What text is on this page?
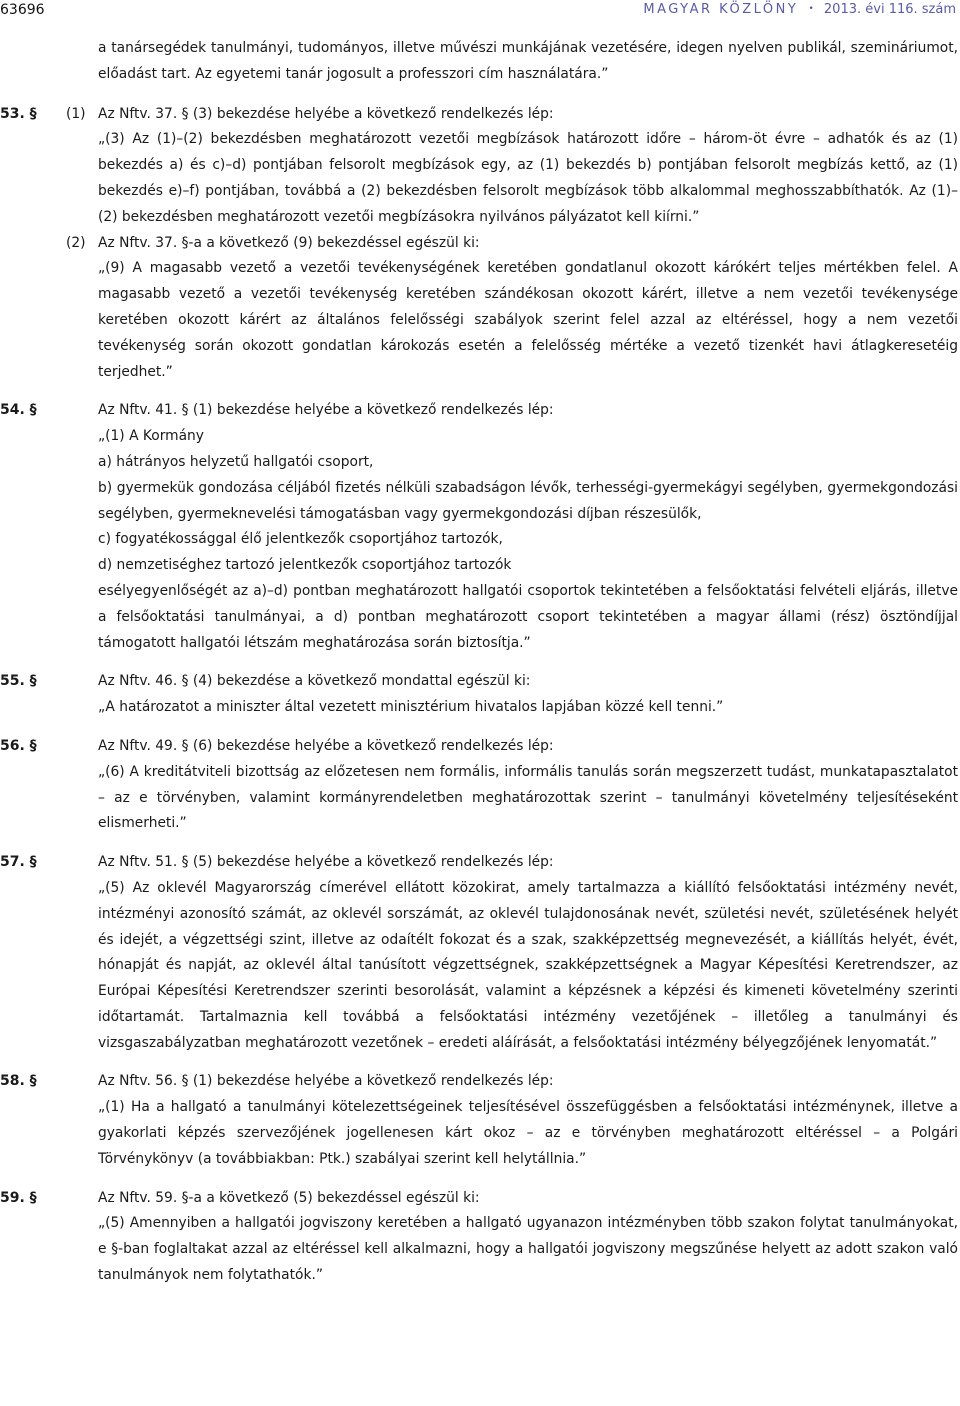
63696	MAGYAR KÖZLÖNY • 2013. évi 116. szám

a tanársegédek tanulmányi, tudományos, illetve művészi munkájának vezetésére, idegen nyelven publikál, szemináriumot, előadást tart. Az egyetemi tanár jogosult a professzori cím használatára.”

53. § (1) Az Nftv. 37. § (3) bekezdése helyébe a következő rendelkezés lép:

„(3) Az (1)–(2) bekezdésben meghatározott vezetői megbízások határozott időre – három-öt évre – adhatók és az (1) bekezdés a) és c)–d) pontjában felsorolt megbízások egy, az (1) bekezdés b) pontjában felsorolt megbízás kettő, az (1) bekezdés e)–f) pontjában, továbbá a (2) bekezdésben felsorolt megbízások több alkalommal meghosszabbíthatók. Az (1)–(2) bekezdésben meghatározott vezetői megbízásokra nyilvános pályázatot kell kiírni.”

(2) Az Nftv. 37. §-a a következő (9) bekezdéssel egészül ki:

„(9) A magasabb vezető a vezetői tevékenységének keretében gondatlanul okozott kárókért teljes mértékben felel. A magasabb vezető a vezetői tevékenység keretében szándékosan okozott kárért, illetve a nem vezetői tevékenysége keretében okozott kárért az általános felelősségi szabályok szerint felel azzal az eltéréssel, hogy a nem vezetői tevékenység során okozott gondatlan károkozás esetén a felelősség mértéke a vezető tizenkét havi átlagkeresetéig terjedhet.”

54. §	Az Nftv. 41. § (1) bekezdése helyébe a következő rendelkezés lép:

„(1) A Kormány

a) hátrányos helyzetű hallgatói csoport,

b) gyermekük gondozása céljából fizetés nélküli szabadságon lévők, terhességi-gyermekágyi segélyben, gyermekgondozási segélyben, gyermeknevelési támogatásban vagy gyermekgondozási díjban részesülők,

c) fogyatékossággal élő jelentkezők csoportjához tartozók,

d) nemzetiséghez tartozó jelentkezők csoportjához tartozók

esélyegyenlőségét az a)–d) pontban meghatározott hallgatói csoportok tekintetében a felsőoktatási felvételi eljárás, illetve a felsőoktatási tanulmányai, a d) pontban meghatározott csoport tekintetében a magyar állami (rész) ösztöndíjjal támogatott hallgatói létszám meghatározása során biztosítja.”

55. §	Az Nftv. 46. § (4) bekezdése a következő mondattal egészül ki:

„A határozatot a miniszter által vezetett minisztérium hivatalos lapjában közzé kell tenni.”

56. §	Az Nftv. 49. § (6) bekezdése helyébe a következő rendelkezés lép:

„(6) A kreditátviteli bizottság az előzetesen nem formális, informális tanulás során megszerzett tudást, munkatapasztalatot – az e törvényben, valamint kormányrendeletben meghatározottak szerint – tanulmányi követelmény teljesítéseként elismerheti.”

57. §	Az Nftv. 51. § (5) bekezdése helyébe a következő rendelkezés lép:

„(5) Az oklevél Magyarország címerével ellátott közokirat, amely tartalmazza a kiállító felsőoktatási intézmény nevét, intézményi azonosító számát, az oklevél sorszámát, az oklevél tulajdonosának nevét, születési nevét, születésének helyét és idejét, a végzettségi szint, illetve az odaítélt fokozat és a szak, szakképzettség megnevezését, a kiállítás helyét, évét, hónapját és napját, az oklevél által tanúsított végzettségnek, szakképzettségnek a Magyar Képesítési Keretrendszer, az Európai Képesítési Keretrendszer szerinti besorolását, valamint a képzésnek a képzési és kimeneti követelmény szerinti időtartamát. Tartalmaznia kell továbbá a felsőoktatási intézmény vezetőjének – illetőleg a tanulmányi és vizsgaszabályzatban meghatározott vezetőnek – eredeti aláírását, a felsőoktatási intézmény bélyegzőjének lenyomatát.”

58. §	Az Nftv. 56. § (1) bekezdése helyébe a következő rendelkezés lép:

„(1) Ha a hallgató a tanulmányi kötelezettségeinek teljesítésével összefüggésben a felsőoktatási intézménynek, illetve a gyakorlati képzés szervezőjének jogellenesen kárt okoz – az e törvényben meghatározott eltéréssel – a Polgári Törvénykönyv (a továbbiakban: Ptk.) szabályai szerint kell helytállnia.”

59. §	Az Nftv. 59. §-a a következő (5) bekezdéssel egészül ki:

„(5) Amennyiben a hallgatói jogviszony keretében a hallgató ugyanazon intézményben több szakon folytat tanulmányokat, e §-ban foglaltakat azzal az eltéréssel kell alkalmazni, hogy a hallgatói jogviszony megszűnése helyett az adott szakon való tanulmányok nem folytathatók.”
